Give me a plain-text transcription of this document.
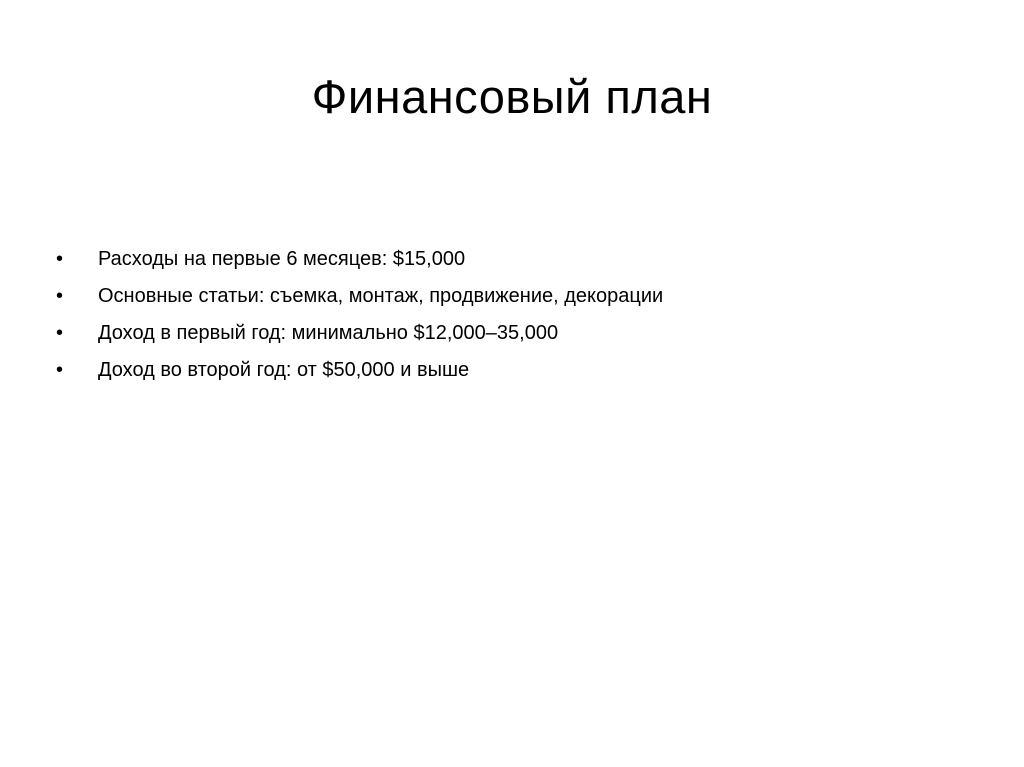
Финансовый план
•	Расходы на первые 6 месяцев: $15,000
•	Основные статьи: съемка, монтаж, продвижение, декорации
•	Доход в первый год: минимально $12,000–35,000
•	Доход во второй год: от $50,000 и выше
